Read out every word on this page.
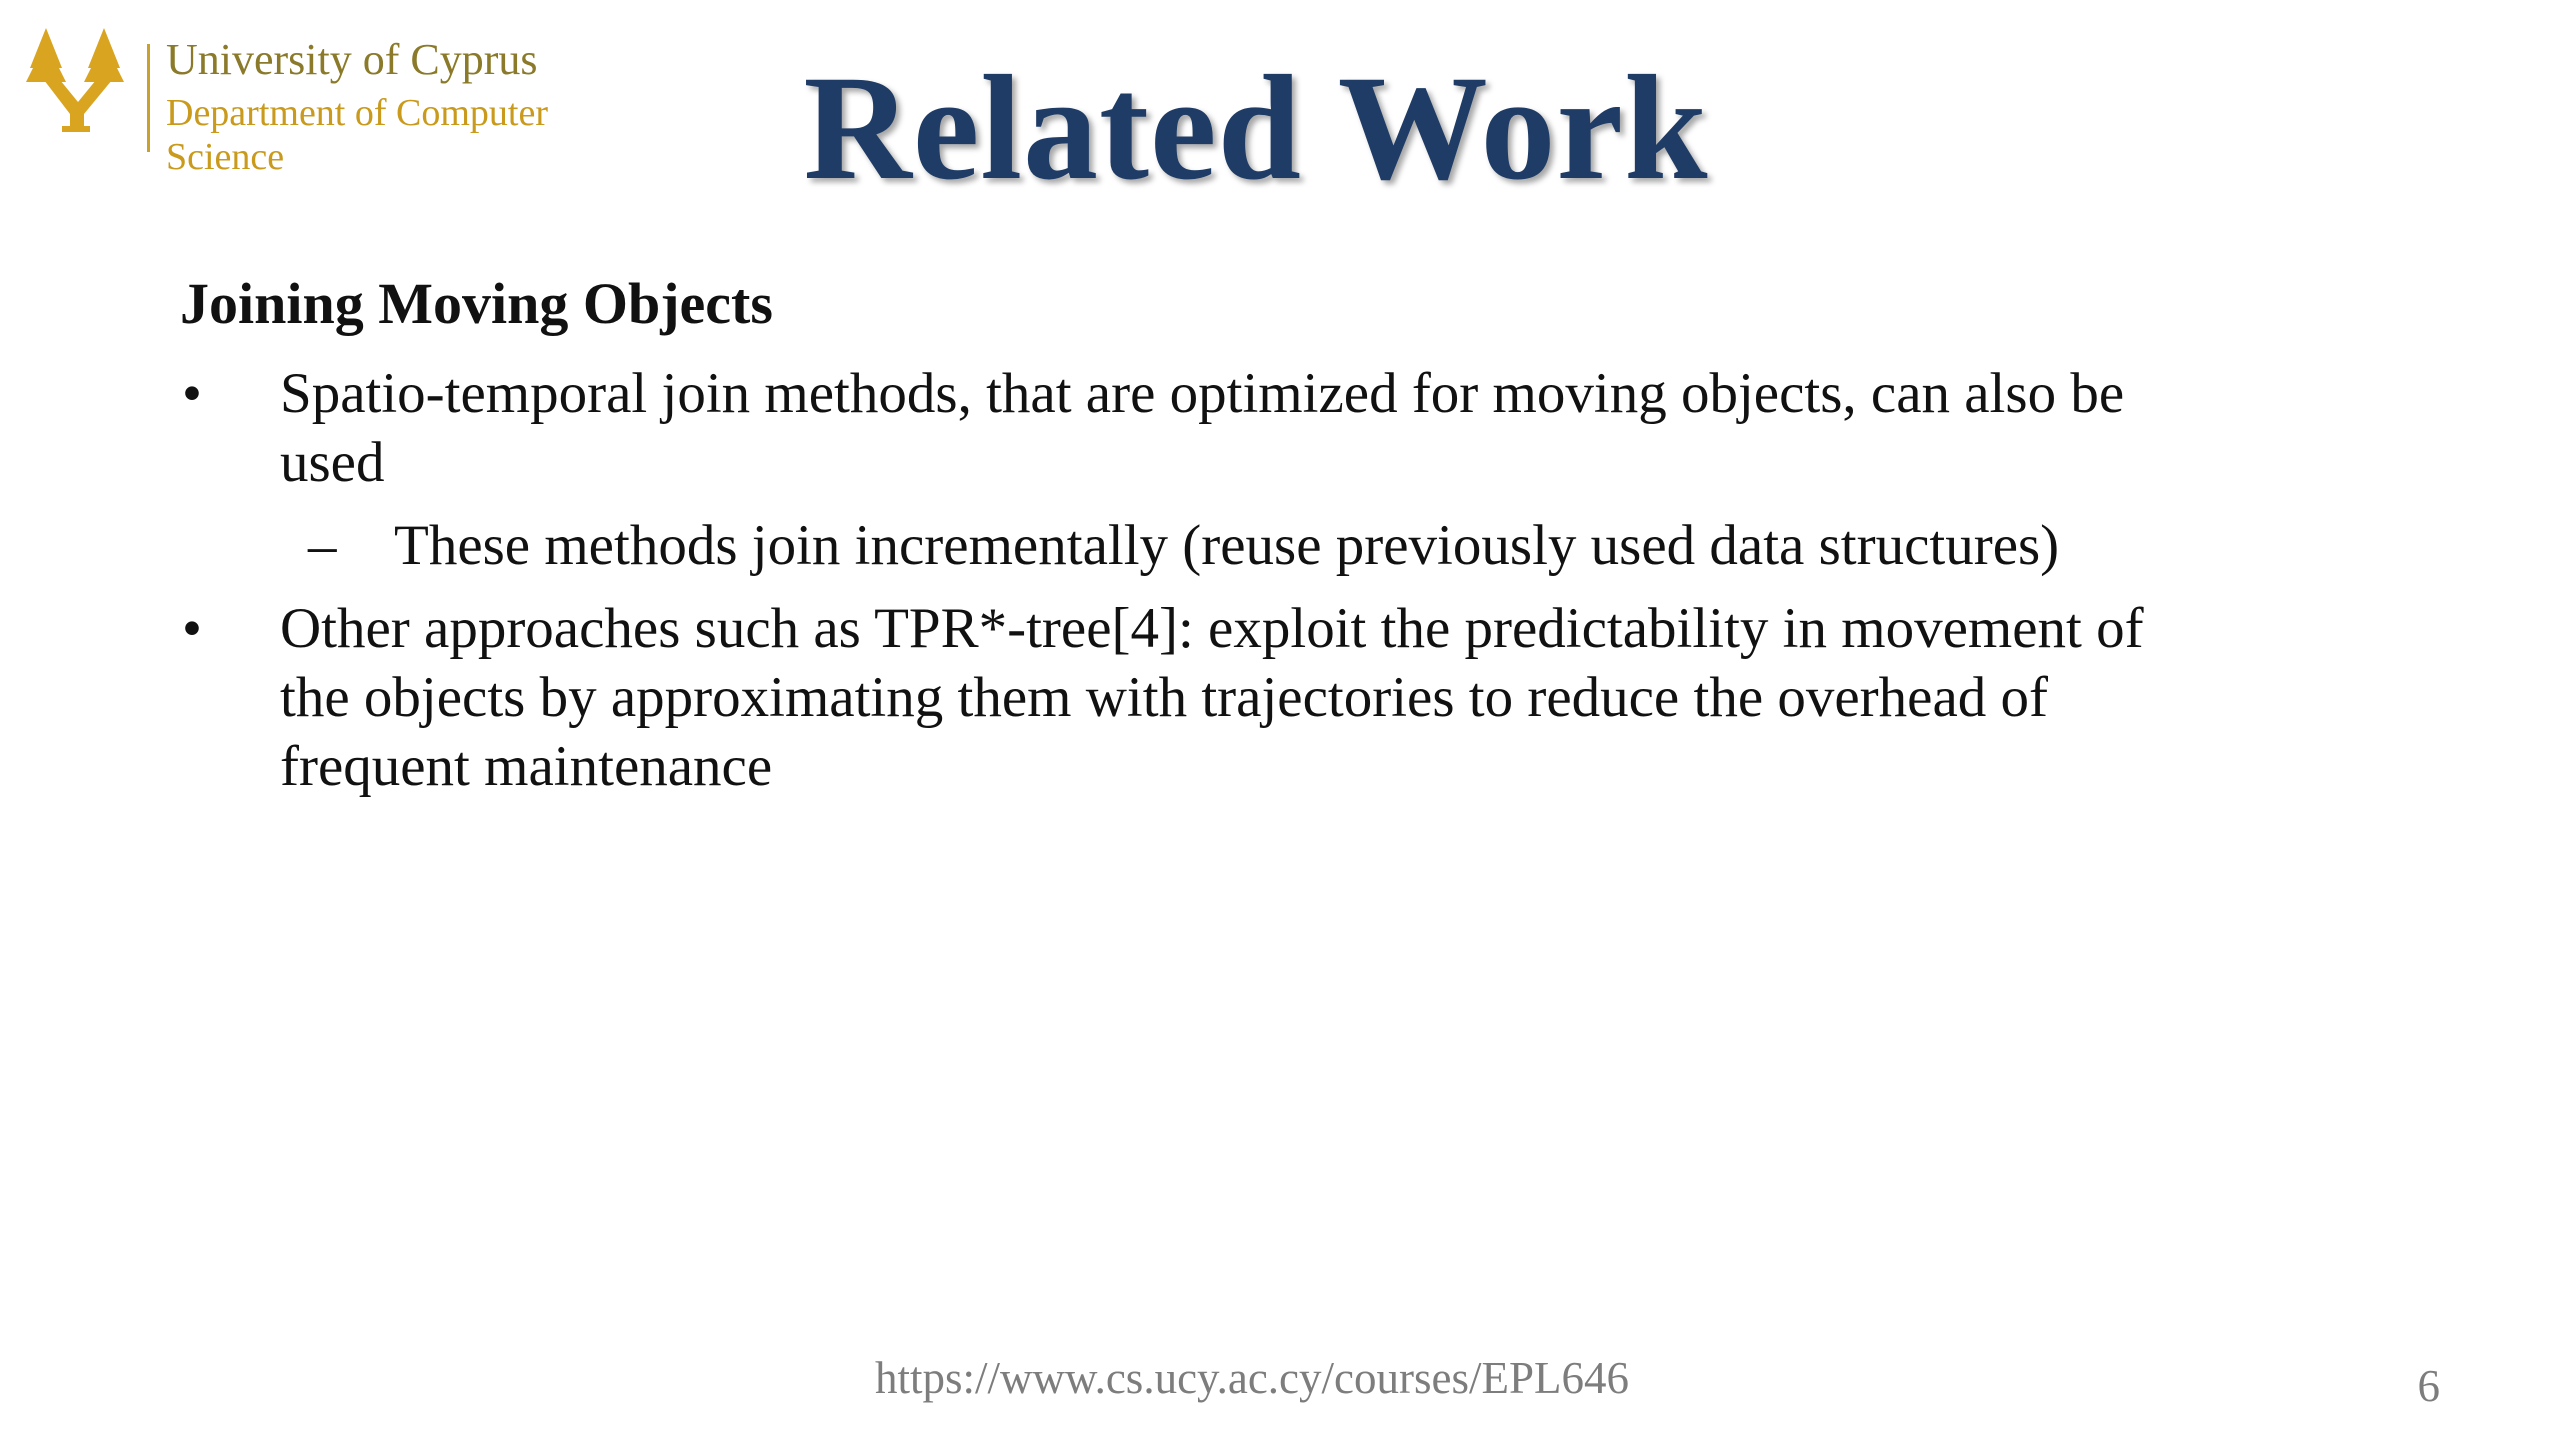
University of Cyprus
Department of Computer Science	Related Work
Joining Moving Objects
• Spatio-temporal join methods, that are optimized for moving objects, can also be used
– These methods join incrementally (reuse previously used data structures)
• Other approaches such as TPR*-tree[4]: exploit the predictability in movement of the objects by approximating them with trajectories to reduce the overhead of frequent maintenance
https://www.cs.ucy.ac.cy/courses/EPL646	6
